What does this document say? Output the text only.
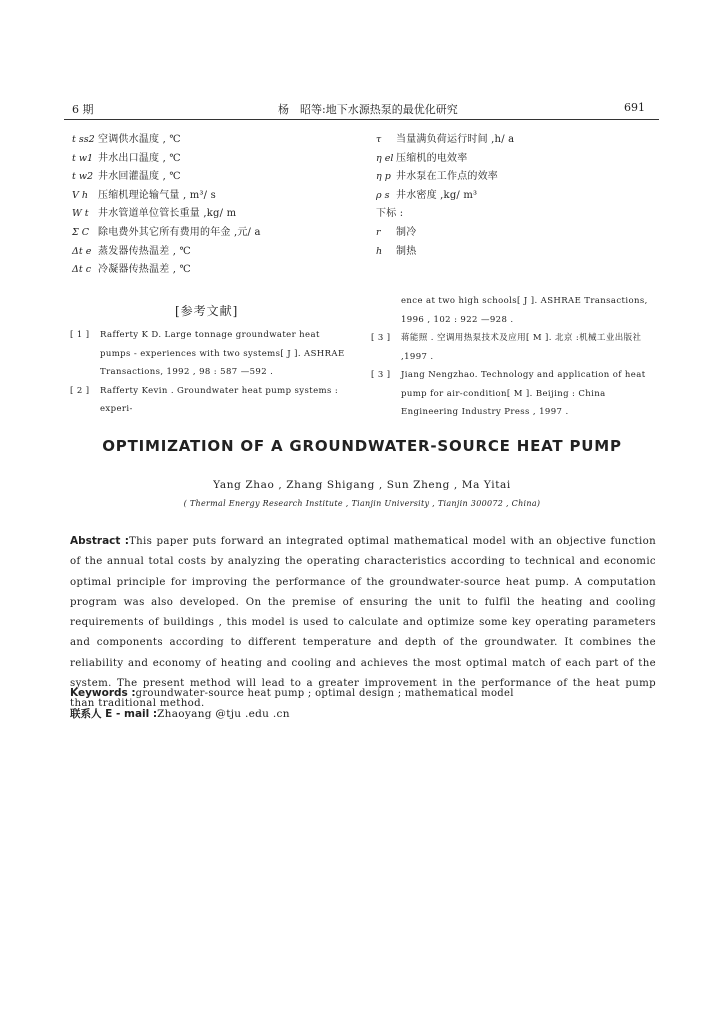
6 期	杨　昭等:地下水源热泵的最优化研究	691
t ss2 空调供水温度 , ℃
t w1 井水出口温度 , ℃
t w2 井水回灌温度 , ℃
V h	压缩机理论输气量 , m³/ s
W t 井水管道单位管长重量 ,kg/ m
Σ C 除电费外其它所有费用的年金 ,元/ a
Δt e 蒸发器传热温差 , ℃
Δt c 冷凝器传热温差 , ℃
τ	当量满负荷运行时间 ,h/ a
η el 压缩机的电效率
η p 井水泵在工作点的效率
ρ s 井水密度 ,kg/ m³
下标 :
r	制冷
h	制热
[参考文献]
[ 1 ]	Rafferty K D. Large tonnage groundwater heat pumps - experiences with two systems[ J ]. ASHRAE Transactions, 1992 , 98 : 587 —592 .
[ 2 ]	Rafferty Kevin . Groundwater heat pump systems : experi-
ence at two high schools[ J ]. ASHRAE Transactions, 1996 , 102 : 922 —928 .
[ 3 ]	蒋能照 . 空调用热泵技术及应用[ M ]. 北京 :机械工业出版社 ,1997 .
[ 3 ]	Jiang Nengzhao. Technology and application of heat pump for air-condition[ M ]. Beijing : China Engineering Industry Press , 1997 .
OPTIMIZATION OF A GROUNDWATER-SOURCE HEAT PUMP
Yang Zhao , Zhang Shigang , Sun Zheng , Ma Yitai
( Thermal Energy Research Institute , Tianjin University , Tianjin 300072 , China)
Abstract :This paper puts forward an integrated optimal mathematical model with an objective function of the annual total costs by analyzing the operating characteristics according to technical and economic optimal principle for improving the performance of the groundwater-source heat pump. A computation program was also developed. On the premise of ensuring the unit to fulfil the heating and cooling requirements of buildings , this model is used to calculate and optimize some key operating parameters and components according to different temperature and depth of the groundwater. It combines the reliability and economy of heating and cooling and achieves the most optimal match of each part of the system. The present method will lead to a greater improvement in the performance of the heat pump than traditional method.
Keywords :groundwater-source heat pump ; optimal design ; mathematical model
联系人 E - mail :Zhaoyang @tju .edu .cn
